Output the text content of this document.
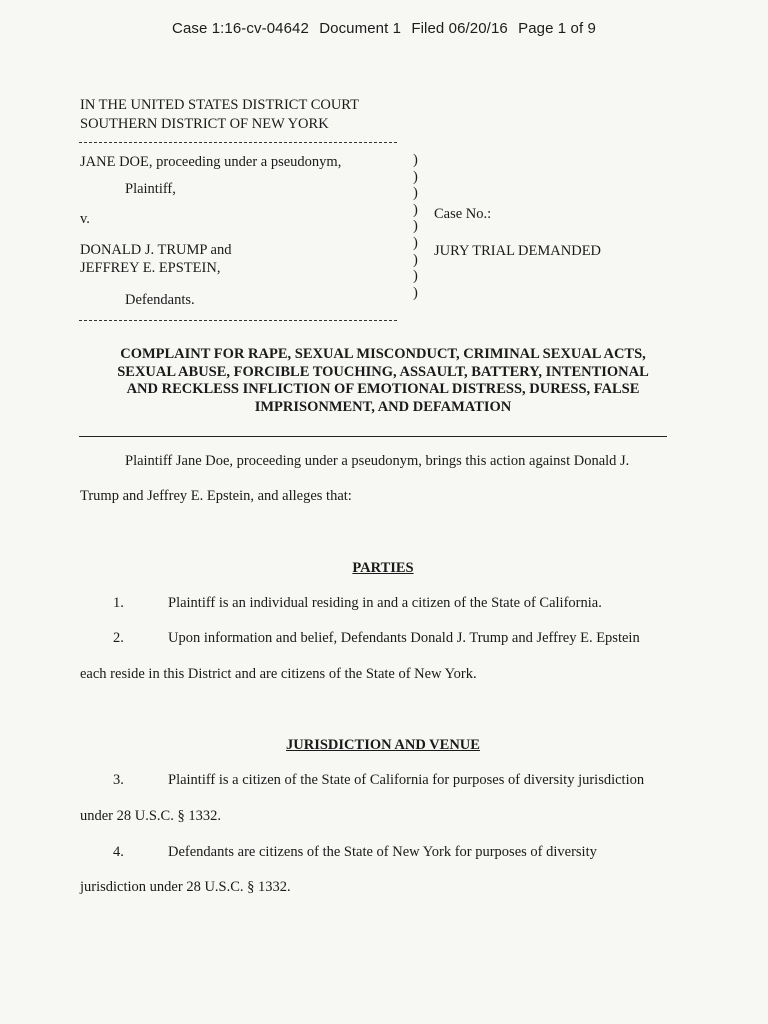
Case 1:16-cv-04642 Document 1 Filed 06/20/16 Page 1 of 9
IN THE UNITED STATES DISTRICT COURT
SOUTHERN DISTRICT OF NEW YORK
JANE DOE, proceeding under a pseudonym,
Plaintiff,
v.
DONALD J. TRUMP and
JEFFREY E. EPSTEIN,
Defendants.
)
)
)
)
)
)
)
)
)
Case No.:
JURY TRIAL DEMANDED
COMPLAINT FOR RAPE, SEXUAL MISCONDUCT, CRIMINAL SEXUAL ACTS,
SEXUAL ABUSE, FORCIBLE TOUCHING, ASSAULT, BATTERY, INTENTIONAL
AND RECKLESS INFLICTION OF EMOTIONAL DISTRESS, DURESS, FALSE
IMPRISONMENT, AND DEFAMATION
Plaintiff Jane Doe, proceeding under a pseudonym, brings this action against Donald J.
Trump and Jeffrey E. Epstein, and alleges that:
PARTIES
1.	Plaintiff is an individual residing in and a citizen of the State of California.
2.	Upon information and belief, Defendants Donald J. Trump and Jeffrey E. Epstein
each reside in this District and are citizens of the State of New York.
JURISDICTION AND VENUE
3.	Plaintiff is a citizen of the State of California for purposes of diversity jurisdiction
under 28 U.S.C. § 1332.
4.	Defendants are citizens of the State of New York for purposes of diversity
jurisdiction under 28 U.S.C. § 1332.
